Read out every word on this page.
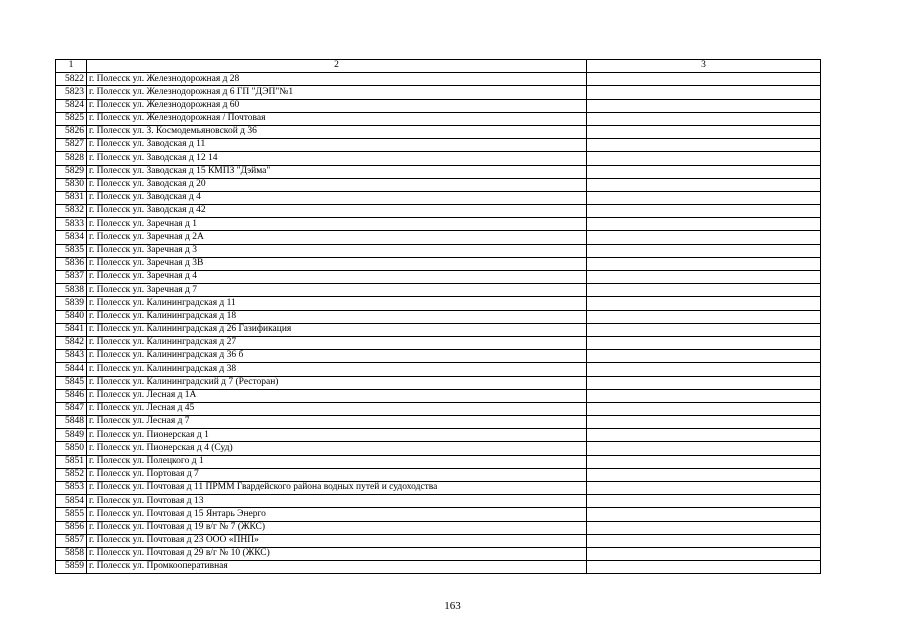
1	2	3
5822	г. Полесск ул. Железнодорожная д 28	
5823	г. Полесск ул. Железнодорожная д 6 ГП "ДЭП"№1	
5824	г. Полесск ул. Железнодорожная д 60	
5825	г. Полесск ул. Железнодорожная / Почтовая	
5826	г. Полесск ул. З. Космодемьяновской д 36	
5827	г. Полесск ул. Заводская д 11	
5828	г. Полесск ул. Заводская д 12 14	
5829	г. Полесск ул. Заводская д 15 КМПЗ "Дэйма"	
5830	г. Полесск ул. Заводская д 20	
5831	г. Полесск ул. Заводская д 4	
5832	г. Полесск ул. Заводская д 42	
5833	г. Полесск ул. Заречная д 1	
5834	г. Полесск ул. Заречная д 2А	
5835	г. Полесск ул. Заречная д 3	
5836	г. Полесск ул. Заречная д 3В	
5837	г. Полесск ул. Заречная д 4	
5838	г. Полесск ул. Заречная д 7	
5839	г. Полесск ул. Калининградская д 11	
5840	г. Полесск ул. Калининградская д 18	
5841	г. Полесск ул. Калининградская д 26 Газификация	
5842	г. Полесск ул. Калининградская д 27	
5843	г. Полесск ул. Калининградская д 36 б	
5844	г. Полесск ул. Калининградская д 38	
5845	г. Полесск ул. Калининградский д 7 (Ресторан)	
5846	г. Полесск ул. Лесная д 1А	
5847	г. Полесск ул. Лесная д 45	
5848	г. Полесск ул. Лесная д 7	
5849	г. Полесск ул. Пионерская д 1	
5850	г. Полесск ул. Пионерская д 4 (Суд)	
5851	г. Полесск ул. Полецкого д 1	
5852	г. Полесск ул. Портовая д 7	
5853	г. Полесск ул. Почтовая д 11 ПРММ Гвардейского района водных путей и судоходства	
5854	г. Полесск ул. Почтовая д 13	
5855	г. Полесск ул. Почтовая д 15 Янтарь Энерго	
5856	г. Полесск ул. Почтовая д 19 в/г № 7 (ЖКС)	
5857	г. Полесск ул. Почтовая д 23 ООО «ПНП»	
5858	г. Полесск ул. Почтовая д 29 в/г № 10 (ЖКС)	
5859	г. Полесск ул. Промкооперативная	
163
